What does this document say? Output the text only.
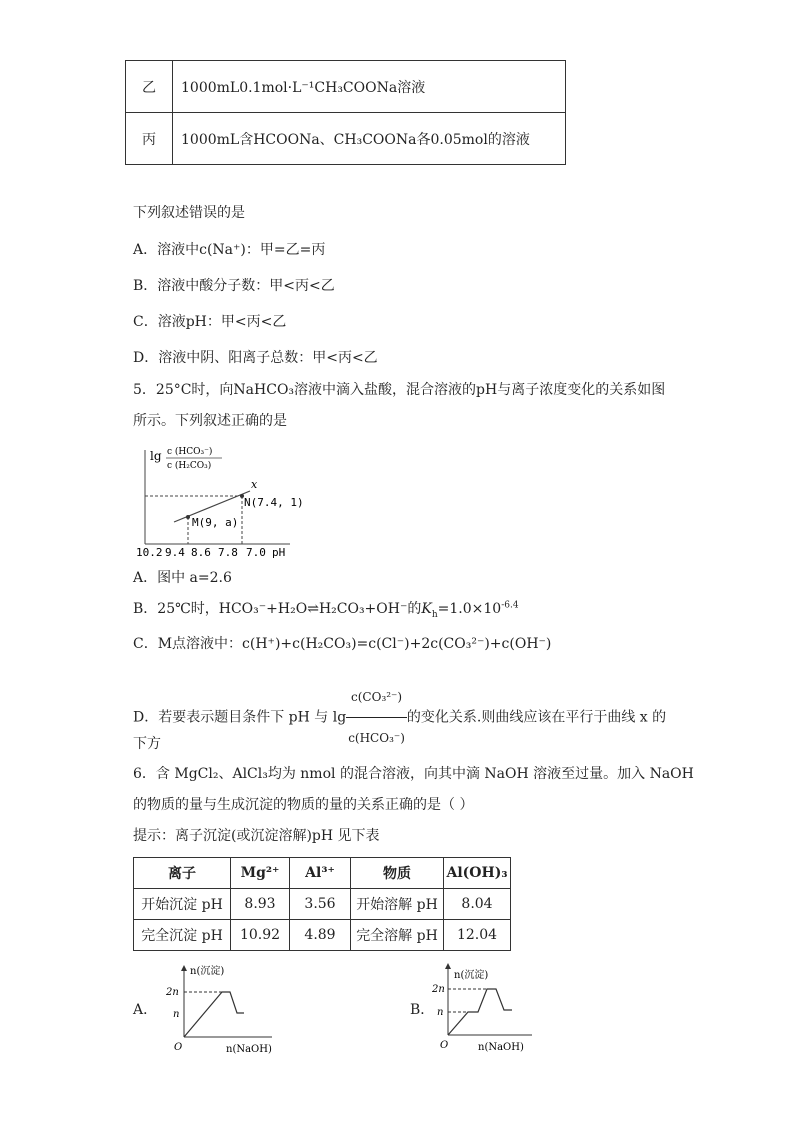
乙	1000mL0.1mol·L⁻¹CH₃COONa溶液
丙	1000mL含HCOONa、CH₃COONa各0.05mol的溶液
下列叙述错误的是
A．溶液中c(Na⁺)：甲=乙=丙
B．溶液中酸分子数：甲<丙<乙
C．溶液pH：甲<丙<乙
D．溶液中阴、阳离子总数：甲<丙<乙
5．25°C时，向NaHCO₃溶液中滴入盐酸，混合溶液的pH与离子浓度变化的关系如图
所示。下列叙述正确的是
lg c (HCO₃⁻)
c (H₂CO₃)
x
N(7.4, 1)
M(9, a)
10.2 9.4 8.6 7.8 7.0 pH
A．图中 a=2.6
B．25℃时，HCO₃⁻+H₂O⇌H₂CO₃+OH⁻的$K_h=1.0\times 10^{-6.4}$
C．M点溶液中：c(H⁺)+c(H₂CO₃)=c(Cl⁻)+2c(CO₃²⁻)+c(OH⁻)
D．若要表示题目条件下 pH 与 $\lg \frac{\text{c(CO₃²⁻)}}{\text{c(HCO₃⁻)}}$ 的变化关系.则曲线应该在平行于曲线 x 的
下方
6．含 MgCl₂、AlCl₃均为 nmol 的混合溶液，向其中滴 NaOH 溶液至过量。加入 NaOH
的物质的量与生成沉淀的物质的量的关系正确的是（ ）
提示：离子沉淀(或沉淀溶解)pH 见下表
离子	Mg²⁺	Al³⁺	物质	Al(OH)₃
开始沉淀 pH	8.93	3.56	开始溶解 pH	8.04
完全沉淀 pH	10.92	4.89	完全溶解 pH	12.04
A．
n(沉淀)
2n
n
O	n(NaOH)
B．
n(沉淀)
2n
n
O	n(NaOH)
